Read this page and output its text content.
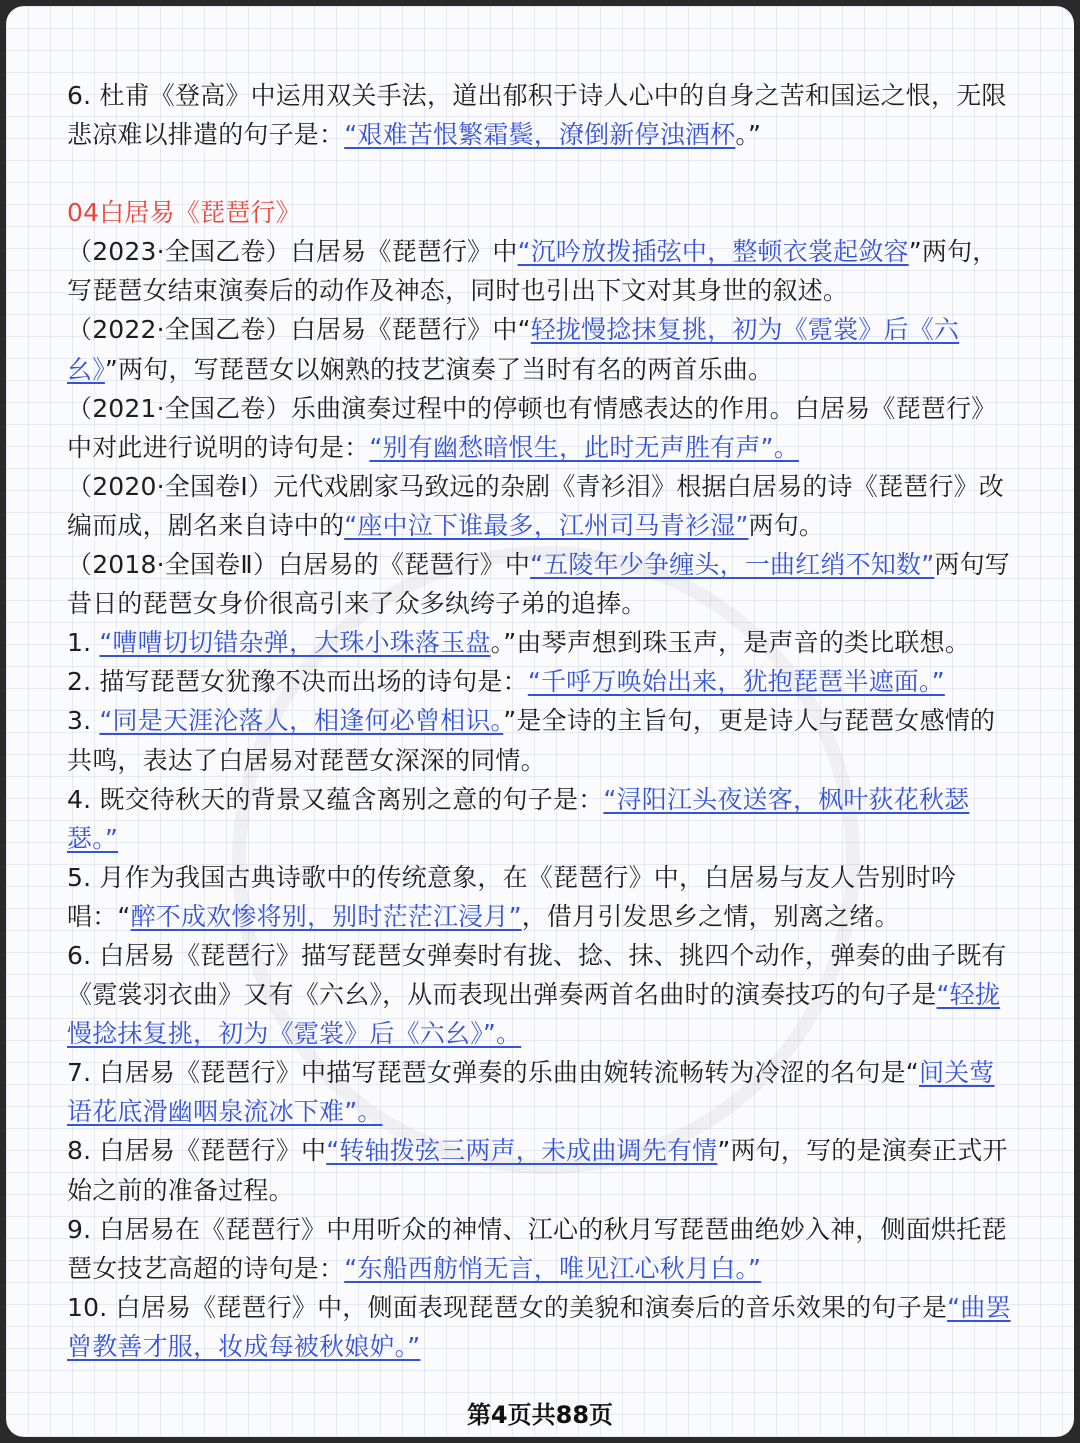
6. 杜甫《登高》中运用双关手法，道出郁积于诗人心中的自身之苦和国运之恨，无限悲凉难以排遣的句子是：“艰难苦恨繁霜鬓，潦倒新停浊酒杯。”
04白居易《琵琶行》
（2023·全国乙卷）白居易《琵琶行》中“沉吟放拨插弦中，整顿衣裳起敛容”两句，写琵琶女结束演奏后的动作及神态，同时也引出下文对其身世的叙述。
（2022·全国乙卷）白居易《琵琶行》中“轻拢慢捻抹复挑，初为《霓裳》后《六幺》”两句，写琵琶女以娴熟的技艺演奏了当时有名的两首乐曲。
（2021·全国乙卷）乐曲演奏过程中的停顿也有情感表达的作用。白居易《琵琶行》中对此进行说明的诗句是：“别有幽愁暗恨生，此时无声胜有声”。
（2020·全国卷Ⅰ）元代戏剧家马致远的杂剧《青衫泪》根据白居易的诗《琵琶行》改编而成，剧名来自诗中的“座中泣下谁最多，江州司马青衫湿”两句。
（2018·全国卷Ⅱ）白居易的《琵琶行》中“五陵年少争缠头，一曲红绡不知数”两句写昔日的琵琶女身价很高引来了众多纨绔子弟的追捧。
1. “嘈嘈切切错杂弹，大珠小珠落玉盘。”由琴声想到珠玉声，是声音的类比联想。
2. 描写琵琶女犹豫不决而出场的诗句是：“千呼万唤始出来，犹抱琵琶半遮面。”
3. “同是天涯沦落人，相逢何必曾相识。”是全诗的主旨句，更是诗人与琵琶女感情的共鸣，表达了白居易对琵琶女深深的同情。
4. 既交待秋天的背景又蕴含离别之意的句子是：“浔阳江头夜送客，枫叶荻花秋瑟瑟。”
5. 月作为我国古典诗歌中的传统意象，在《琵琶行》中，白居易与友人告别时吟唱：“醉不成欢惨将别，别时茫茫江浸月”，借月引发思乡之情，别离之绪。
6. 白居易《琵琶行》描写琵琶女弹奏时有拢、捻、抹、挑四个动作，弹奏的曲子既有《霓裳羽衣曲》又有《六幺》，从而表现出弹奏两首名曲时的演奏技巧的句子是“轻拢慢捻抹复挑，初为《霓裳》后《六幺》”。
7. 白居易《琵琶行》中描写琵琶女弹奏的乐曲由婉转流畅转为冷涩的名句是“间关莺语花底滑幽咽泉流冰下难”。
8. 白居易《琵琶行》中“转轴拨弦三两声，未成曲调先有情”两句，写的是演奏正式开始之前的准备过程。
9. 白居易在《琵琶行》中用听众的神情、江心的秋月写琵琶曲绝妙入神，侧面烘托琵琶女技艺高超的诗句是：“东船西舫悄无言，唯见江心秋月白。”
10. 白居易《琵琶行》中，侧面表现琵琶女的美貌和演奏后的音乐效果的句子是“曲罢曾教善才服，妆成每被秋娘妒。”
第4页共88页
